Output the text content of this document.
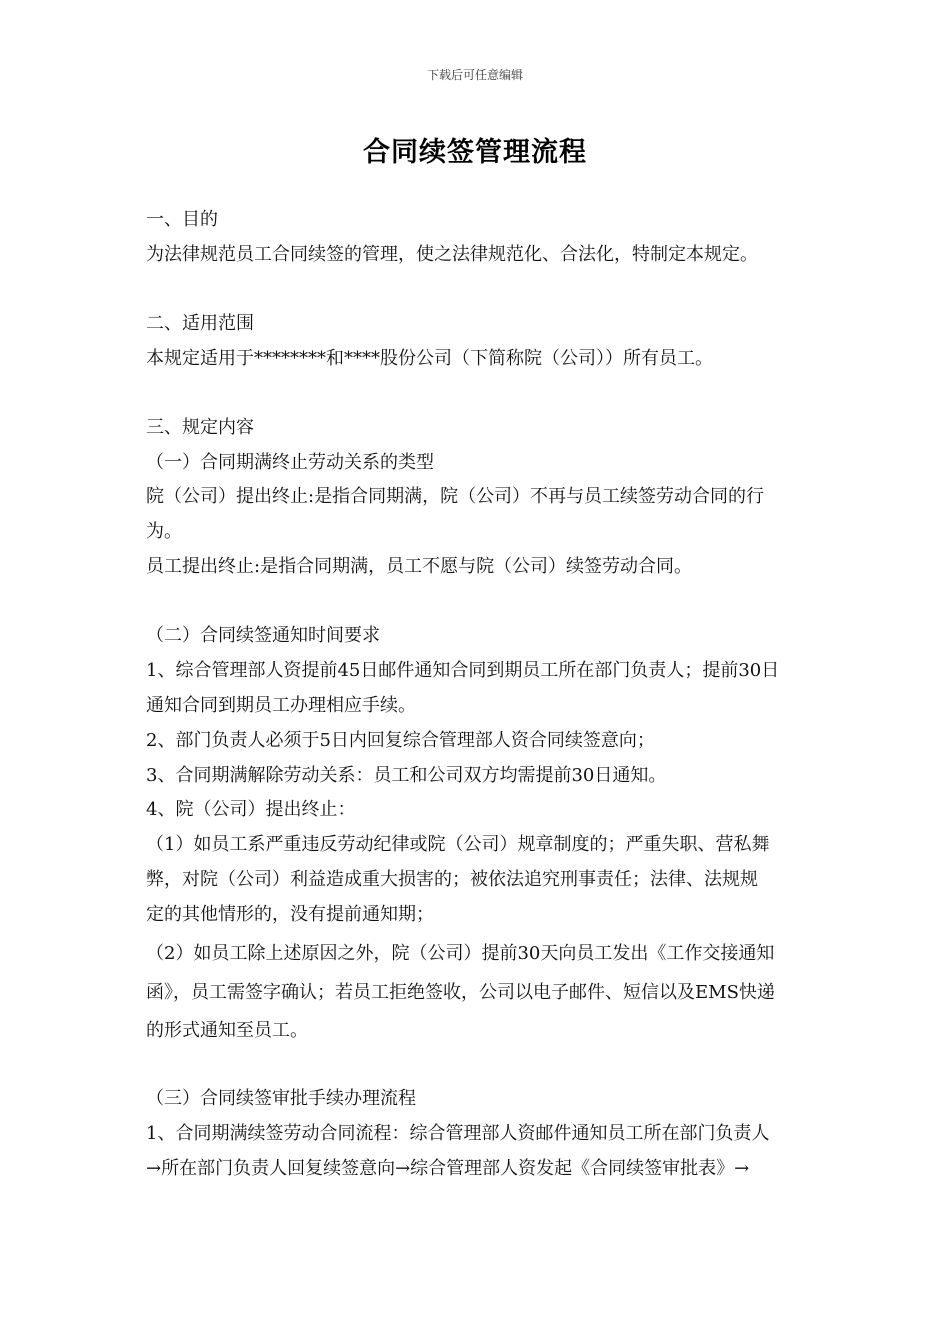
下载后可任意编辑
合同续签管理流程
一、目的
为法律规范员工合同续签的管理，使之法律规范化、合法化，特制定本规定。
二、适用范围
本规定适用于********和****股份公司（下简称院（公司））所有员工。
三、规定内容
（一）合同期满终止劳动关系的类型
院（公司）提出终止:是指合同期满，院（公司）不再与员工续签劳动合同的行
为。
员工提出终止:是指合同期满，员工不愿与院（公司）续签劳动合同。
（二）合同续签通知时间要求
1、综合管理部人资提前45日邮件通知合同到期员工所在部门负责人；提前30日
通知合同到期员工办理相应手续。
2、部门负责人必须于5日内回复综合管理部人资合同续签意向；
3、合同期满解除劳动关系：员工和公司双方均需提前30日通知。
4、院（公司）提出终止：
（1）如员工系严重违反劳动纪律或院（公司）规章制度的；严重失职、营私舞
弊，对院（公司）利益造成重大损害的；被依法追究刑事责任；法律、法规规
定的其他情形的，没有提前通知期；
（2）如员工除上述原因之外，院（公司）提前30天向员工发出《工作交接通知
函》，员工需签字确认；若员工拒绝签收，公司以电子邮件、短信以及EMS快递
的形式通知至员工。
（三）合同续签审批手续办理流程
1、合同期满续签劳动合同流程：综合管理部人资邮件通知员工所在部门负责人
→所在部门负责人回复续签意向→综合管理部人资发起《合同续签审批表》→
